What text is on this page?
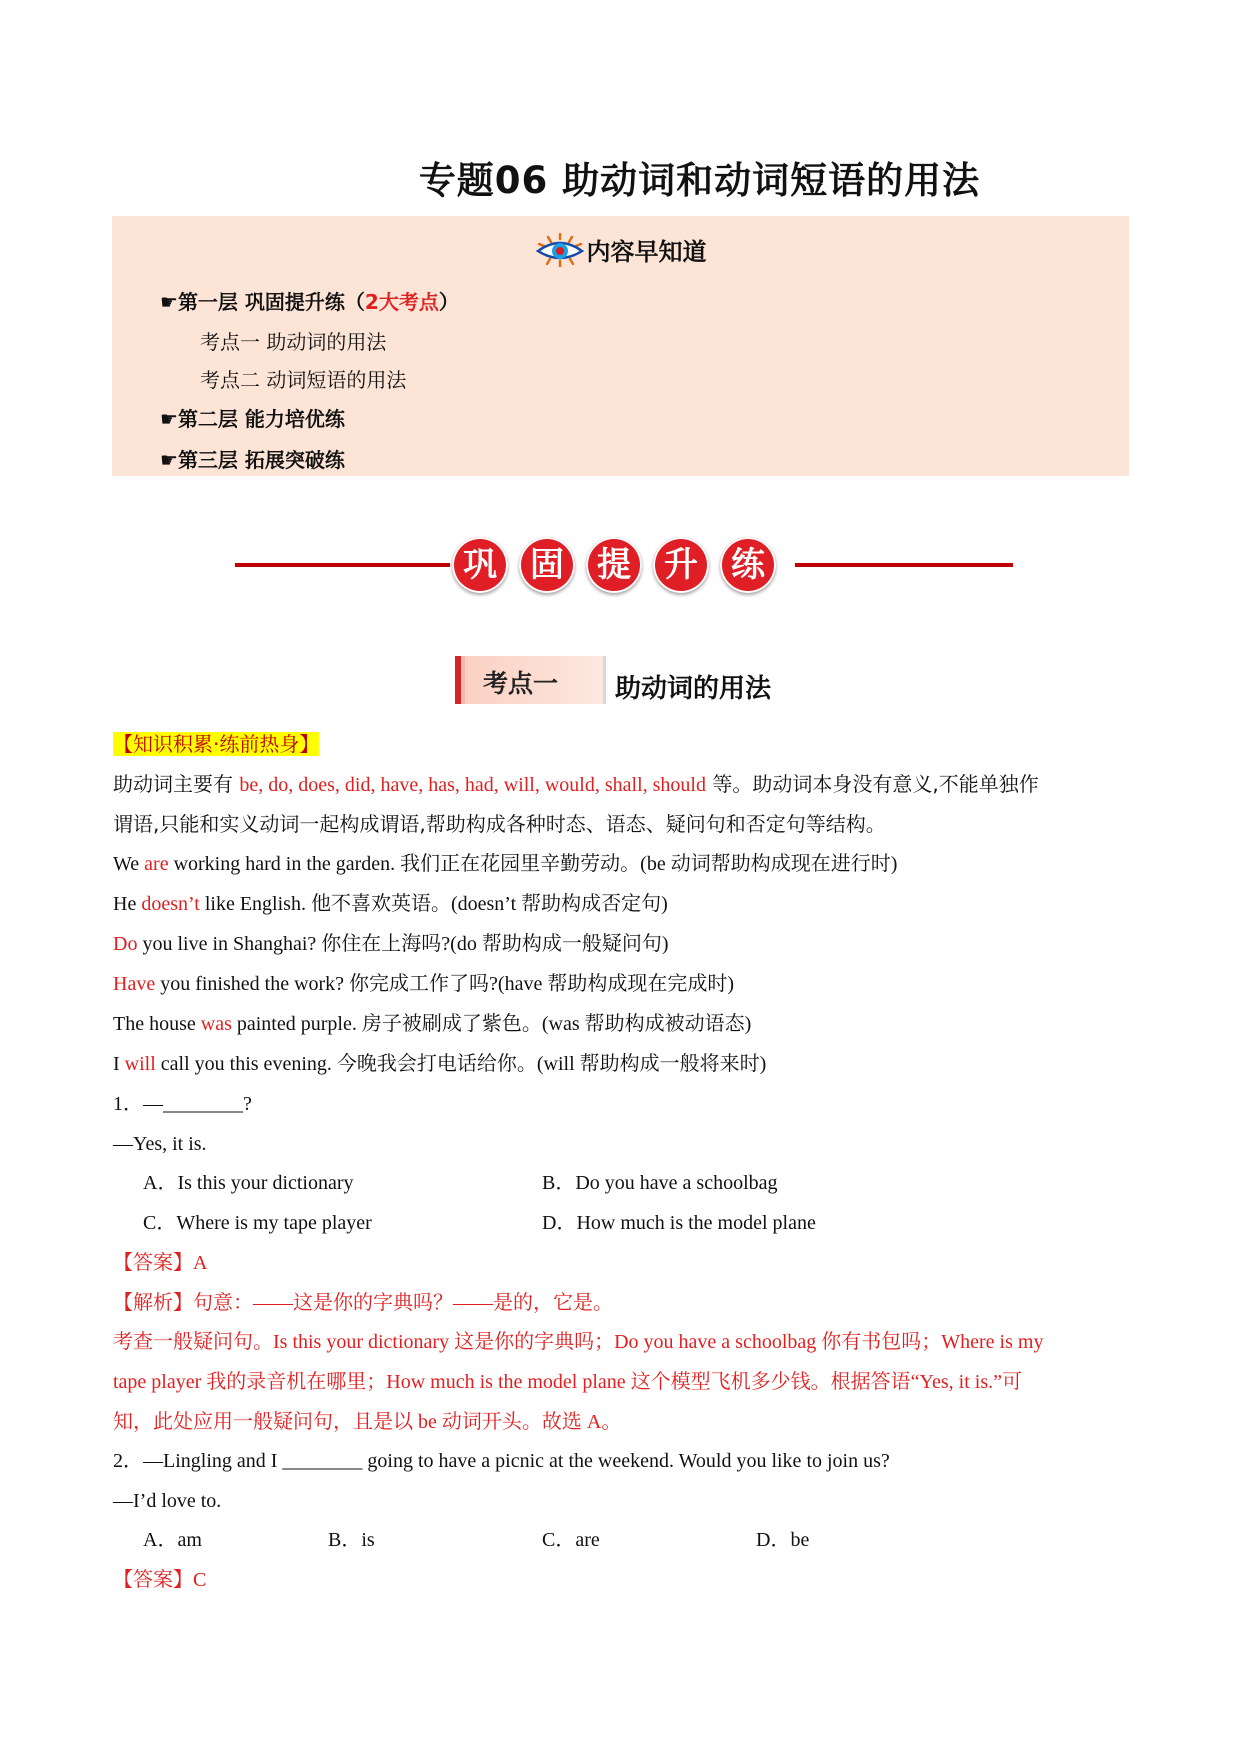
专题06 助动词和动词短语的用法
内容早知道
☛第一层 巩固提升练（2大考点）
考点一 助动词的用法
考点二 动词短语的用法
☛第二层 能力培优练
☛第三层 拓展突破练
巩 固 提 升 练
考点一 助动词的用法
【知识积累·练前热身】
助动词主要有 be, do, does, did, have, has, had, will, would, shall, should 等。助动词本身没有意义,不能单独作
谓语,只能和实义动词一起构成谓语,帮助构成各种时态、语态、疑问句和否定句等结构。
We are working hard in the garden. 我们正在花园里辛勤劳动。(be 动词帮助构成现在进行时)
He doesn’t like English. 他不喜欢英语。(doesn’t 帮助构成否定句)
Do you live in Shanghai? 你住在上海吗?(do 帮助构成一般疑问句)
Have you finished the work? 你完成工作了吗?(have 帮助构成现在完成时)
The house was painted purple. 房子被刷成了紫色。(was 帮助构成被动语态)
I will call you this evening. 今晚我会打电话给你。(will 帮助构成一般将来时)
1．—________?
—Yes, it is.
A．Is this your dictionary	B．Do you have a schoolbag
C．Where is my tape player	D．How much is the model plane
【答案】A
【解析】句意：——这是你的字典吗？——是的，它是。
考查一般疑问句。Is this your dictionary 这是你的字典吗；Do you have a schoolbag 你有书包吗；Where is my
tape player 我的录音机在哪里；How much is the model plane 这个模型飞机多少钱。根据答语“Yes, it is.”可
知，此处应用一般疑问句，且是以 be 动词开头。故选 A。
2．—Lingling and I ________ going to have a picnic at the weekend. Would you like to join us?
—I’d love to.
A．am	B．is	C．are	D．be
【答案】C
